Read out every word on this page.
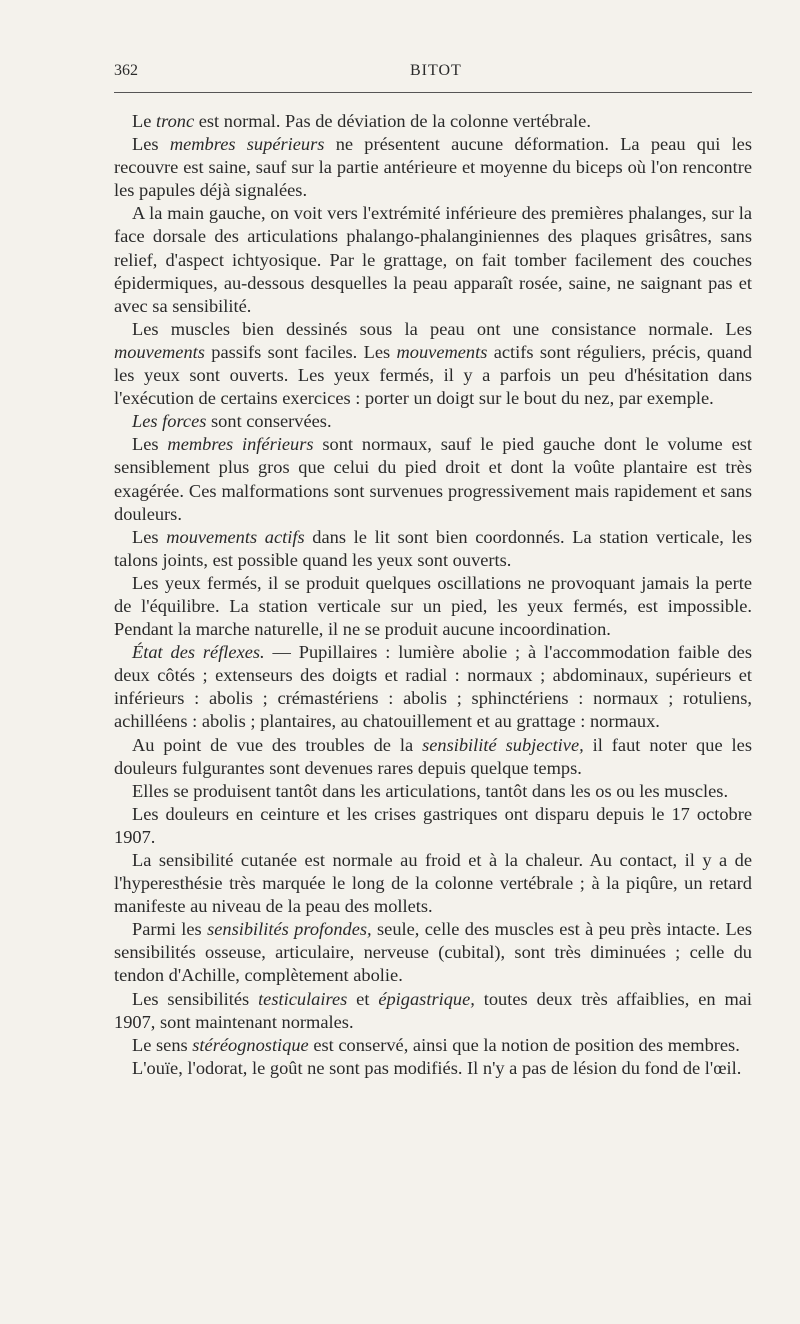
362	BITOT

Le tronc est normal. Pas de déviation de la colonne vertébrale.

Les membres supérieurs ne présentent aucune déformation. La peau qui les recouvre est saine, sauf sur la partie antérieure et moyenne du biceps où l'on rencontre les papules déjà signalées.

A la main gauche, on voit vers l'extrémité inférieure des premières phalanges, sur la face dorsale des articulations phalango-phalanginiennes des plaques grisâtres, sans relief, d'aspect ichtyosique. Par le grattage, on fait tomber facilement des couches épidermiques, au-dessous desquelles la peau apparaît rosée, saine, ne saignant pas et avec sa sensibilité.

Les muscles bien dessinés sous la peau ont une consistance normale. Les mouvements passifs sont faciles. Les mouvements actifs sont réguliers, précis, quand les yeux sont ouverts. Les yeux fermés, il y a parfois un peu d'hésitation dans l'exécution de certains exercices : porter un doigt sur le bout du nez, par exemple.

Les forces sont conservées.

Les membres inférieurs sont normaux, sauf le pied gauche dont le volume est sensiblement plus gros que celui du pied droit et dont la voûte plantaire est très exagérée. Ces malformations sont survenues progressivement mais rapidement et sans douleurs.

Les mouvements actifs dans le lit sont bien coordonnés. La station verticale, les talons joints, est possible quand les yeux sont ouverts.

Les yeux fermés, il se produit quelques oscillations ne provoquant jamais la perte de l'équilibre. La station verticale sur un pied, les yeux fermés, est impossible. Pendant la marche naturelle, il ne se produit aucune incoordination.

État des réflexes. — Pupillaires : lumière abolie ; à l'accommodation faible des deux côtés ; extenseurs des doigts et radial : normaux ; abdominaux, supérieurs et inférieurs : abolis ; crémastériens : abolis ; sphinctériens : normaux ; rotuliens, achilléens : abolis ; plantaires, au chatouillement et au grattage : normaux.

Au point de vue des troubles de la sensibilité subjective, il faut noter que les douleurs fulgurantes sont devenues rares depuis quelque temps.

Elles se produisent tantôt dans les articulations, tantôt dans les os ou les muscles.

Les douleurs en ceinture et les crises gastriques ont disparu depuis le 17 octobre 1907.

La sensibilité cutanée est normale au froid et à la chaleur. Au contact, il y a de l'hyperesthésie très marquée le long de la colonne vertébrale ; à la piqûre, un retard manifeste au niveau de la peau des mollets.

Parmi les sensibilités profondes, seule, celle des muscles est à peu près intacte. Les sensibilités osseuse, articulaire, nerveuse (cubital), sont très diminuées ; celle du tendon d'Achille, complètement abolie.

Les sensibilités testiculaires et épigastrique, toutes deux très affaiblies, en mai 1907, sont maintenant normales.

Le sens stéréognostique est conservé, ainsi que la notion de position des membres.

L'ouïe, l'odorat, le goût ne sont pas modifiés. Il n'y a pas de lésion du fond de l'œil.
